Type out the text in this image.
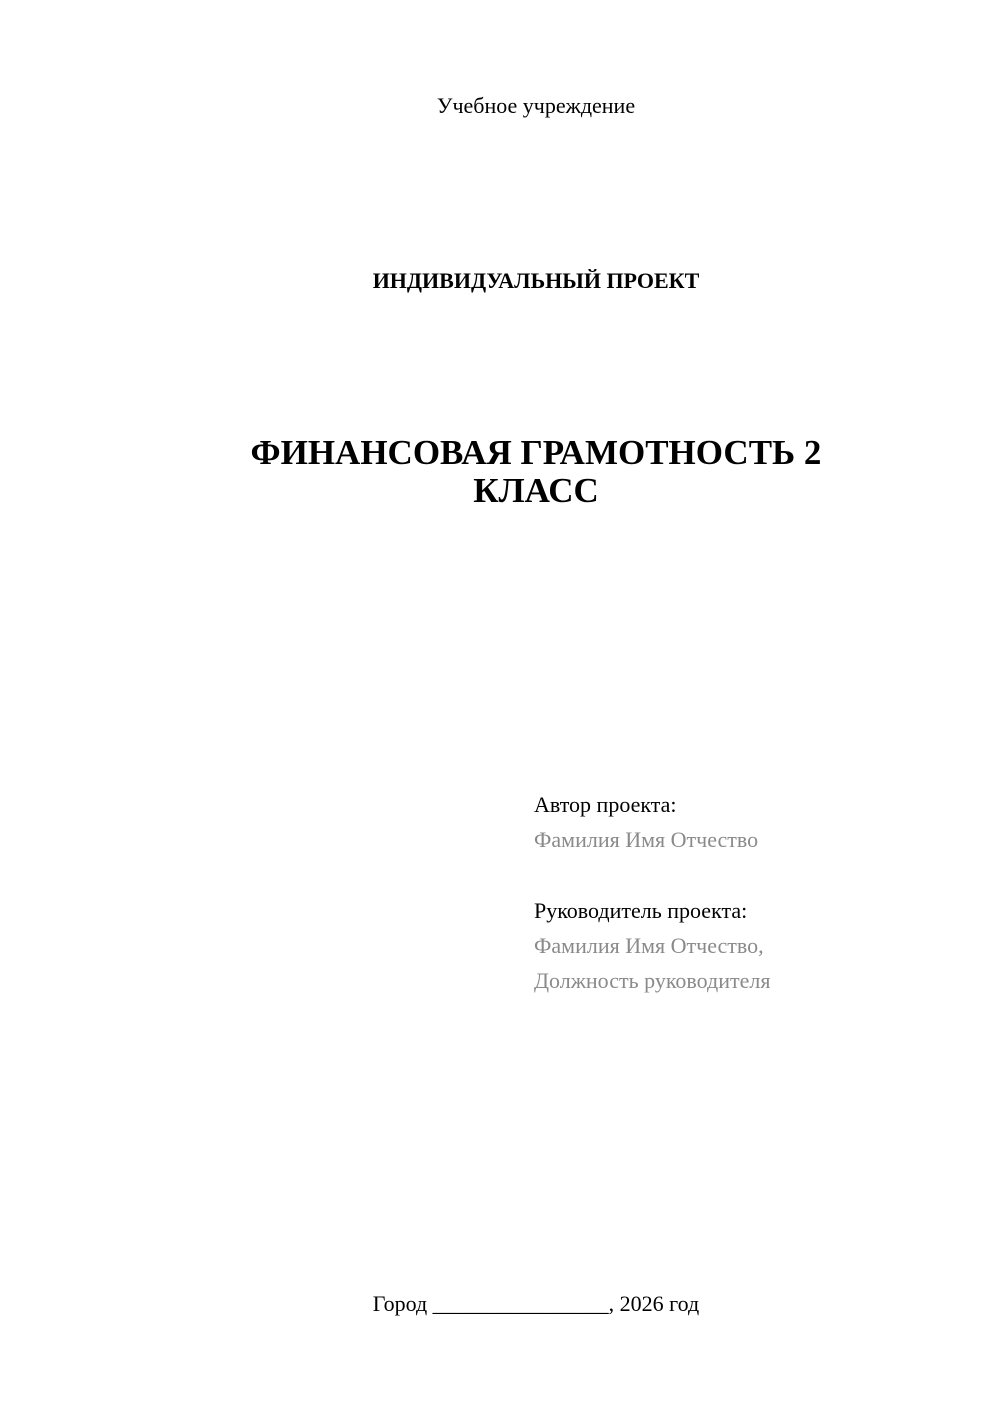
Учебное учреждение
ИНДИВИДУАЛЬНЫЙ ПРОЕКТ
ФИНАНСОВАЯ ГРАМОТНОСТЬ 2
КЛАСС
Автор проекта:
Фамилия Имя Отчество
Руководитель проекта:
Фамилия Имя Отчество,
Должность руководителя
Город ________________, 2026 год
